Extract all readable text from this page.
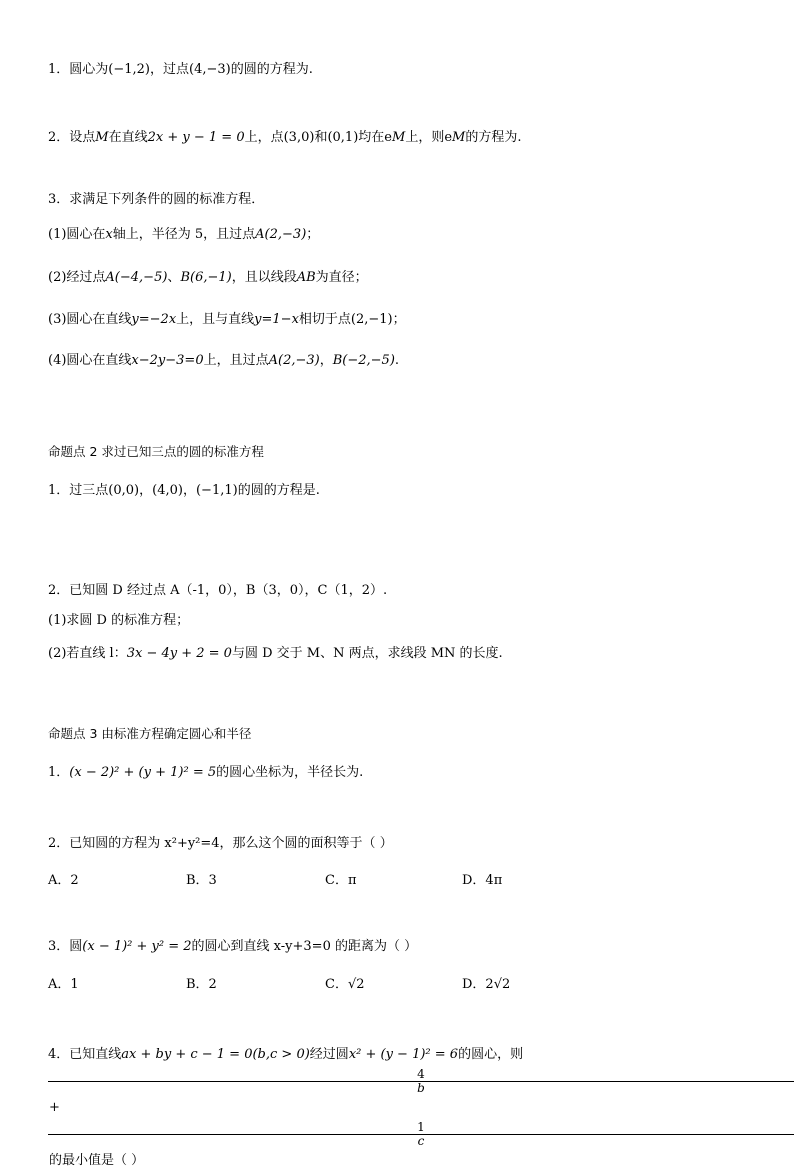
1．圆心为(−1,2)，过点(4,−3)的圆的方程为.
2．设点M在直线2x + y − 1 = 0上，点(3,0)和(0,1)均在eM上，则eM的方程为.
3．求满足下列条件的圆的标准方程．
(1)圆心在x轴上，半径为 5，且过点A(2,−3)；
(2)经过点A(−4,−5)、B(6,−1)，且以线段AB为直径；
(3)圆心在直线y=−2x上，且与直线y=1−x相切于点(2,−1)；
(4)圆心在直线x−2y−3=0上，且过点A(2,−3)，B(−2,−5).
命题点 2 求过已知三点的圆的标准方程
1．过三点(0,0)，(4,0)，(−1,1)的圆的方程是.
2．已知圆 D 经过点 A（-1，0），B（3，0），C（1，2）.
(1)求圆 D 的标准方程；
(2)若直线 l：3x − 4y + 2 = 0与圆 D 交于 M、N 两点，求线段 MN 的长度.
命题点 3 由标准方程确定圆心和半径
1．(x − 2)² + (y + 1)² = 5的圆心坐标为，半径长为.
2．已知圆的方程为 x²+y²=4，那么这个圆的面积等于（ ）
A．2	B．3	C．π	D．4π
3．圆(x − 1)² + y² = 2的圆心到直线 x-y+3=0 的距离为（ ）
A．1	B．2	C．√2	D．2√2
4．已知直线ax + by + c − 1 = 0(b,c > 0)经过圆x² + (y − 1)² = 6的圆心，则
4
b
+
1
c
的最小值是（ ）
